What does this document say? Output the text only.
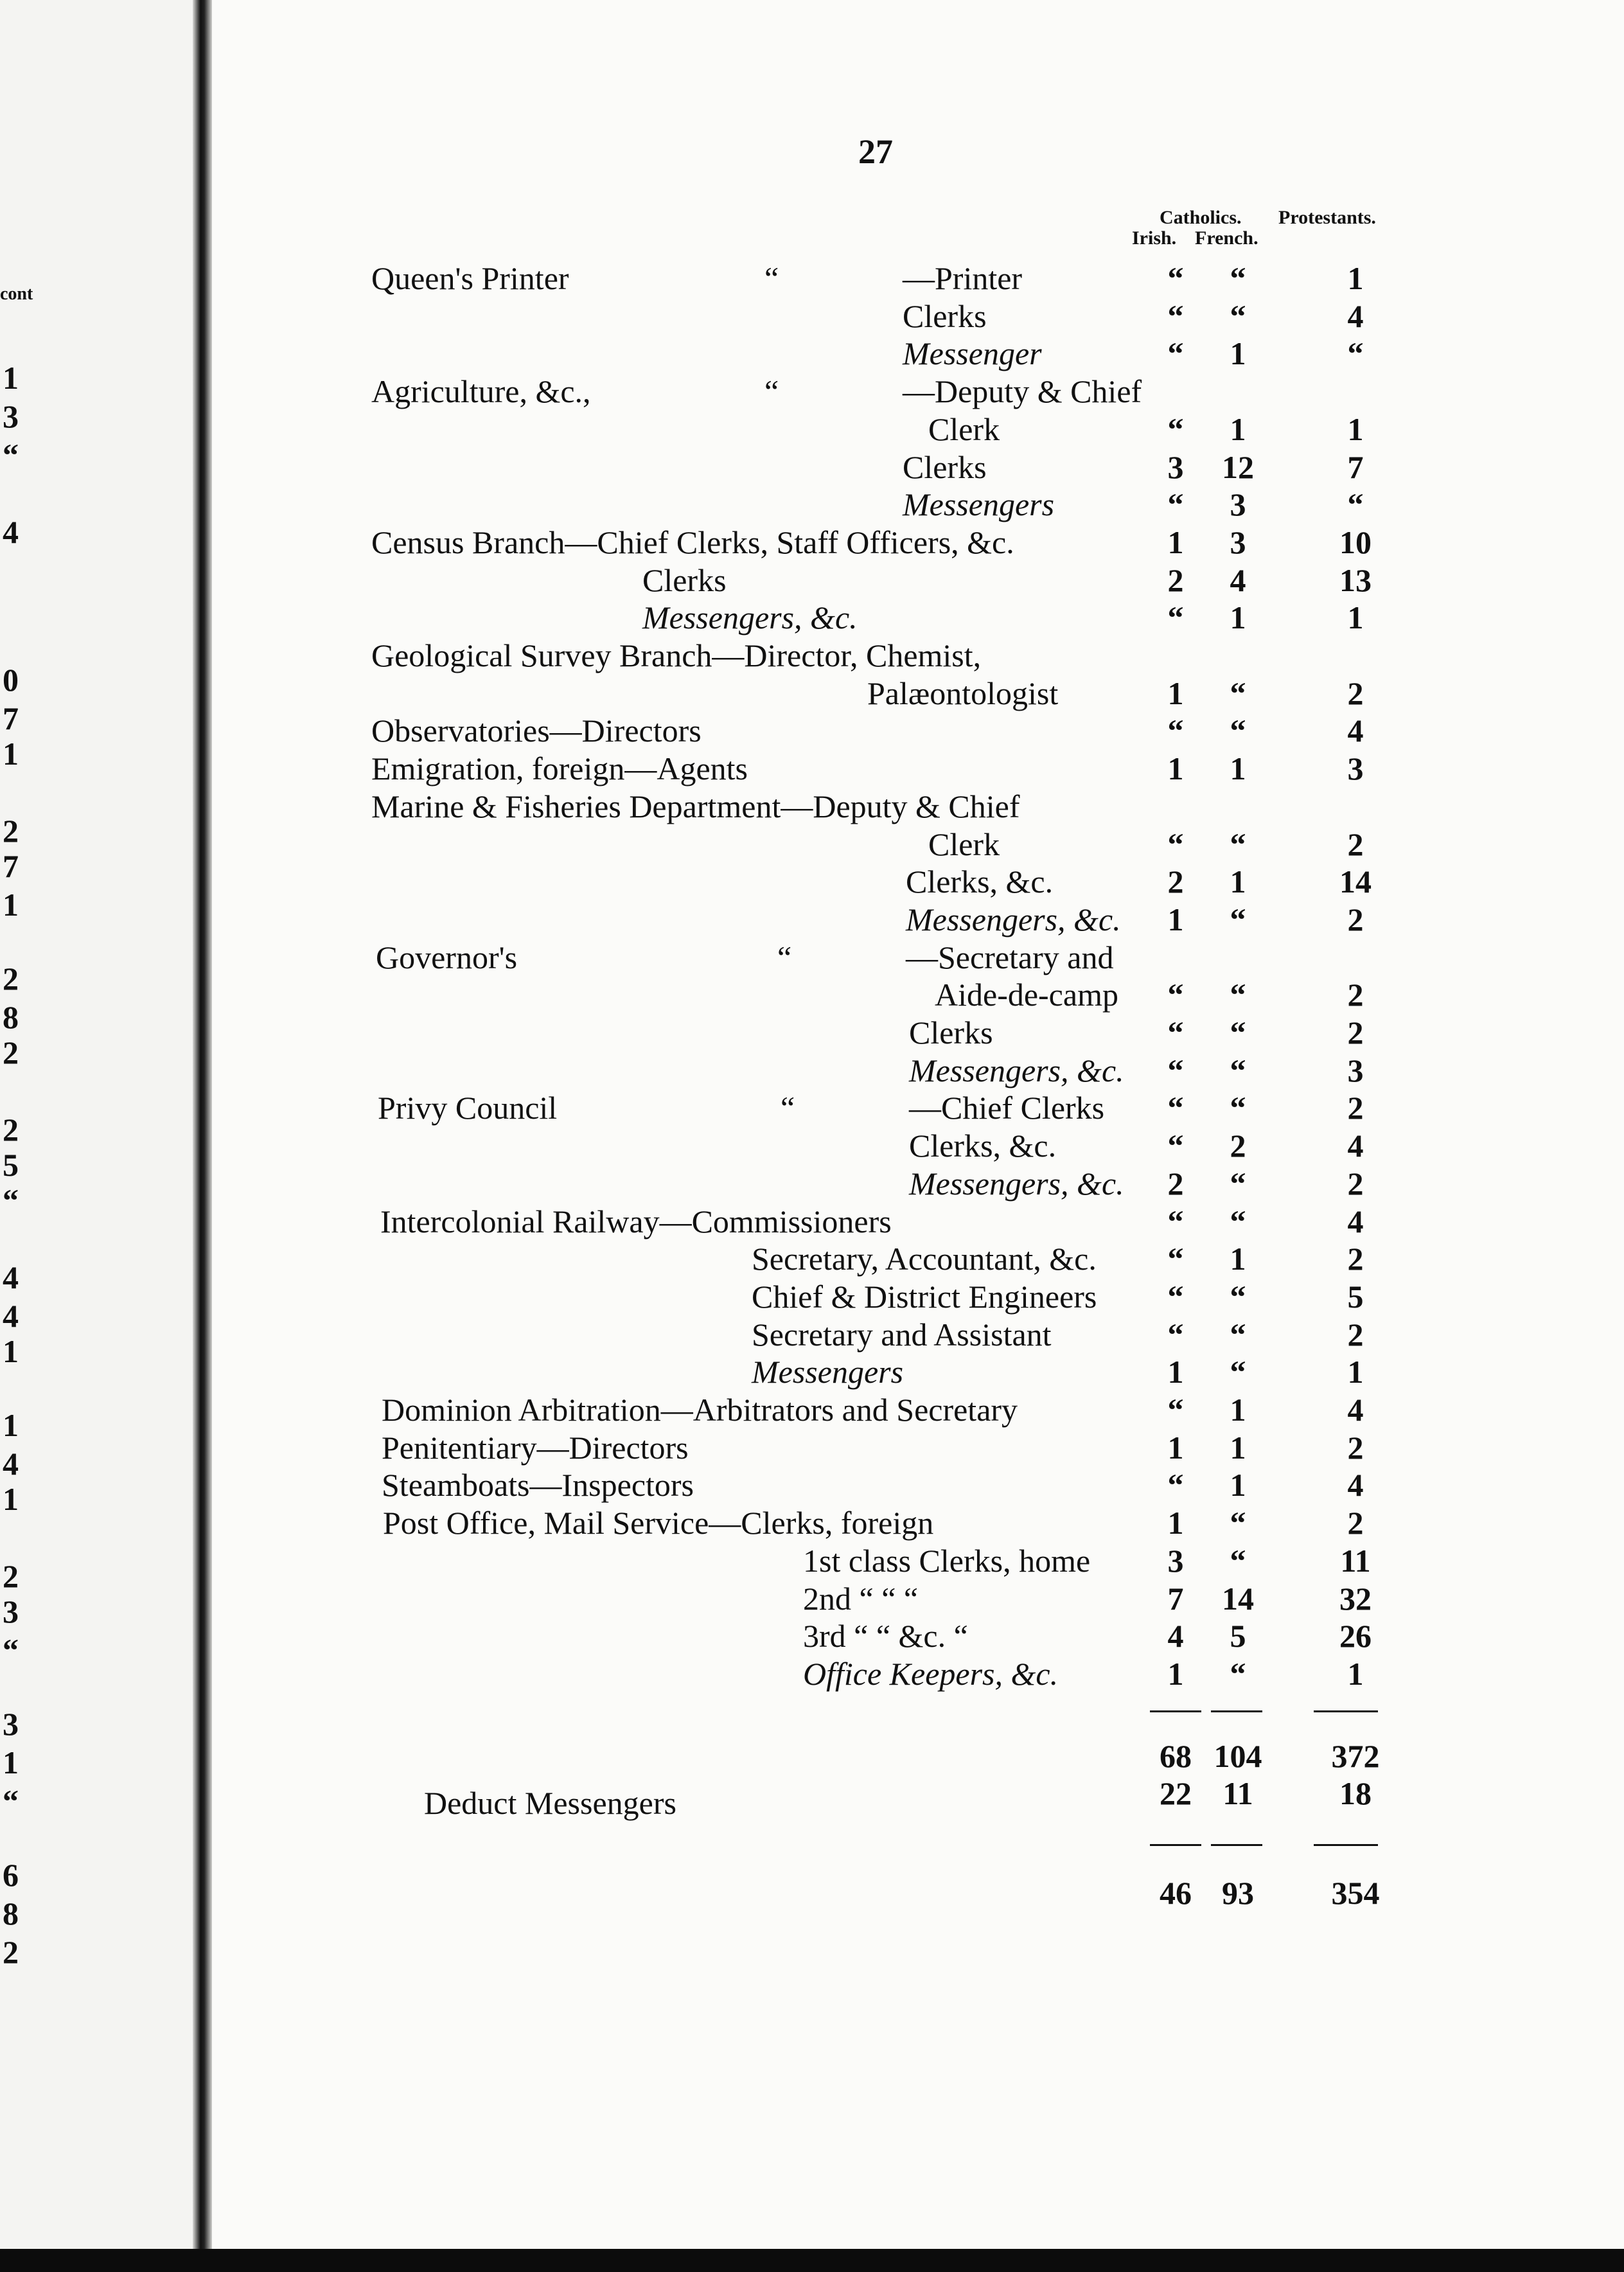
cont
1
3
“
4
0
7
1
2
7
1
2
8
2
2
5
“
4
4
1
1
4
1
2
3
“
3
1
“
6
8
2
27
Catholics. Protestants.
Irish. French.
Queen's Printer	“	—Printer	“	“	1
Clerks	“	“	4
Messenger	“	1	“
Agriculture, &c.,	“	—Deputy & Chief
Clerk	“	1	1
Clerks	3	12	7
Messengers	“	3	“
Census Branch—Chief Clerks, Staff Officers, &c.	1	3	10
Clerks	2	4	13
Messengers, &c.	“	1	1
Geological Survey Branch—Director, Chemist,
Palæontologist	1	“	2
Observatories—Directors	“	“	4
Emigration, foreign—Agents	1	1	3
Marine & Fisheries Department—Deputy & Chief
Clerk	“	“	2
Clerks, &c.	2	1	14
Messengers, &c.	1	“	2
Governor's	“	—Secretary and
Aide-de-camp	“	“	2
Clerks	“	“	2
Messengers, &c.	“	“	3
Privy Council	“	—Chief Clerks	“	“	2
Clerks, &c.	“	2	4
Messengers, &c.	2	“	2
Intercolonial Railway—Commissioners	“	“	4
Secretary, Accountant, &c.	“	1	2
Chief & District Engineers	“	“	5
Secretary and Assistant	“	“	2
Messengers	1	“	1
Dominion Arbitration—Arbitrators and Secretary	“	1	4
Penitentiary—Directors	1	1	2
Steamboats—Inspectors	“	1	4
Post Office, Mail Service—Clerks, foreign	1	“	2
1st class Clerks, home	3	“	11
2nd “ “ “	7	14	32
3rd “ “ &c. “	4	5	26
Office Keepers, &c.	1	“	1
68 104 372
Deduct Messengers	22 11	18
46 93	354
